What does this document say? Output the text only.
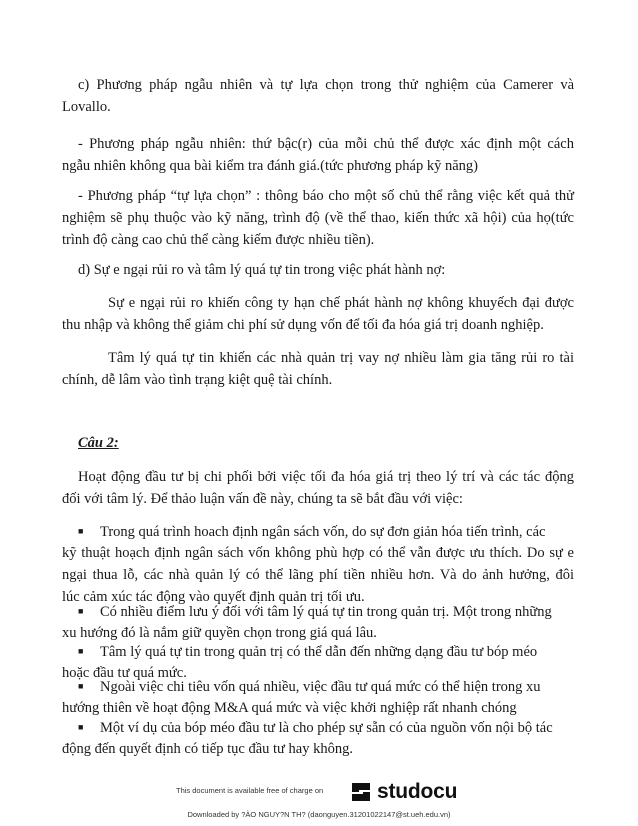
c) Phương pháp ngẫu nhiên và tự lựa chọn trong thử nghiệm của Camerer và
Lovallo.
- Phương pháp ngẫu nhiên: thứ bậc(r) của mỗi chủ thể được xác định một cách
ngẫu nhiên không qua bài kiểm tra đánh giá.(tức phương pháp kỹ năng)
- Phương pháp “tự lựa chọn” : thông báo cho một số chủ thể rằng việc kết quả thử
nghiệm sẽ phụ thuộc vào kỹ năng, trình độ (về thể thao, kiến thức xã hội) của họ(tức
trình độ càng cao chủ thể càng kiếm được nhiều tiền).
d) Sự e ngại rủi ro và tâm lý quá tự tin trong việc phát hành nợ:
Sự e ngại rủi ro khiến công ty hạn chế phát hành nợ không khuyếch đại được
thu nhập và không thể giảm chi phí sử dụng vốn để tối đa hóa giá trị doanh nghiệp.
Tâm lý quá tự tin khiến các nhà quản trị vay nợ nhiều làm gia tăng rủi ro tài
chính, dễ lâm vào tình trạng kiệt quệ tài chính.
Câu 2:
Hoạt động đầu tư bị chi phối bởi việc tối đa hóa giá trị theo lý trí và các tác động
đối với tâm lý. Để thảo luận vấn đề này, chúng ta sẽ bắt đầu với việc:
■ Trong quá trình hoach định ngân sách vốn, do sự đơn giản hóa tiến trình, các
kỹ thuật hoạch định ngân sách vốn không phù hợp có thể vẫn được ưu thích. Do sự e
ngại thua lỗ, các nhà quản lý có thể lãng phí tiền nhiều hơn. Và do ảnh hưởng, đôi
lúc cảm xúc tác động vào quyết định quản trị tối ưu.
■ Có nhiều điểm lưu ý đối với tâm lý quá tự tin trong quản trị. Một trong những
xu hướng đó là nắm giữ quyền chọn trong giá quá lâu.
■ Tâm lý quá tự tin trong quản trị có thể dẫn đến những dạng đầu tư bóp méo
hoặc đầu tư quá mức.
■ Ngoài việc chi tiêu vốn quá nhiều, việc đầu tư quá mức có thể hiện trong xu
hướng thiên về hoạt động M&A quá mức và việc khởi nghiệp rất nhanh chóng
■ Một ví dụ của bóp méo đầu tư là cho phép sự sẵn có của nguồn vốn nội bộ tác
động đến quyết định có tiếp tục đầu tư hay không.
This document is available free of charge on	studocu
Downloaded by ?ÀO NGUY?N TH? (daonguyen.31201022147@st.ueh.edu.vn)
